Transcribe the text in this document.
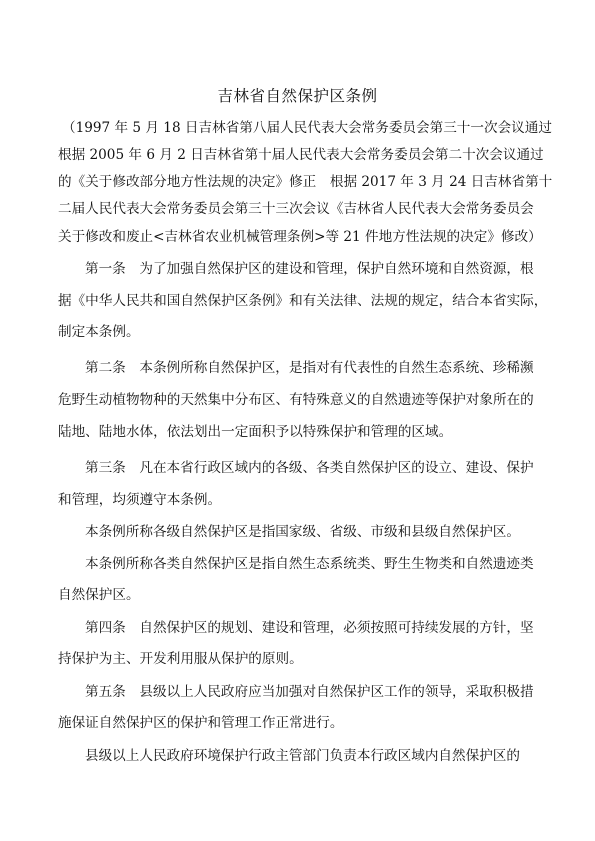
吉林省自然保护区条例

（1997 年 5 月 18 日吉林省第八届人民代表大会常务委员会第三十一次会议通过

根据 2005 年 6 月 2 日吉林省第十届人民代表大会常务委员会第二十次会议通过

的《关于修改部分地方性法规的决定》修正　根据 2017 年 3 月 24 日吉林省第十

二届人民代表大会常务委员会第三十三次会议《吉林省人民代表大会常务委员会

关于修改和废止<吉林省农业机械管理条例>等 21 件地方性法规的决定》修改）

第一条　为了加强自然保护区的建设和管理，保护自然环境和自然资源，根

据《中华人民共和国自然保护区条例》和有关法律、法规的规定，结合本省实际，

制定本条例。

第二条　本条例所称自然保护区，是指对有代表性的自然生态系统、珍稀濒

危野生动植物物种的天然集中分布区、有特殊意义的自然遗迹等保护对象所在的

陆地、陆地水体，依法划出一定面积予以特殊保护和管理的区域。

第三条　凡在本省行政区域内的各级、各类自然保护区的设立、建设、保护

和管理，均须遵守本条例。

本条例所称各级自然保护区是指国家级、省级、市级和县级自然保护区。

本条例所称各类自然保护区是指自然生态系统类、野生生物类和自然遗迹类

自然保护区。

第四条　自然保护区的规划、建设和管理，必须按照可持续发展的方针，坚

持保护为主、开发利用服从保护的原则。

第五条　县级以上人民政府应当加强对自然保护区工作的领导，采取积极措

施保证自然保护区的保护和管理工作正常进行。

县级以上人民政府环境保护行政主管部门负责本行政区域内自然保护区的
